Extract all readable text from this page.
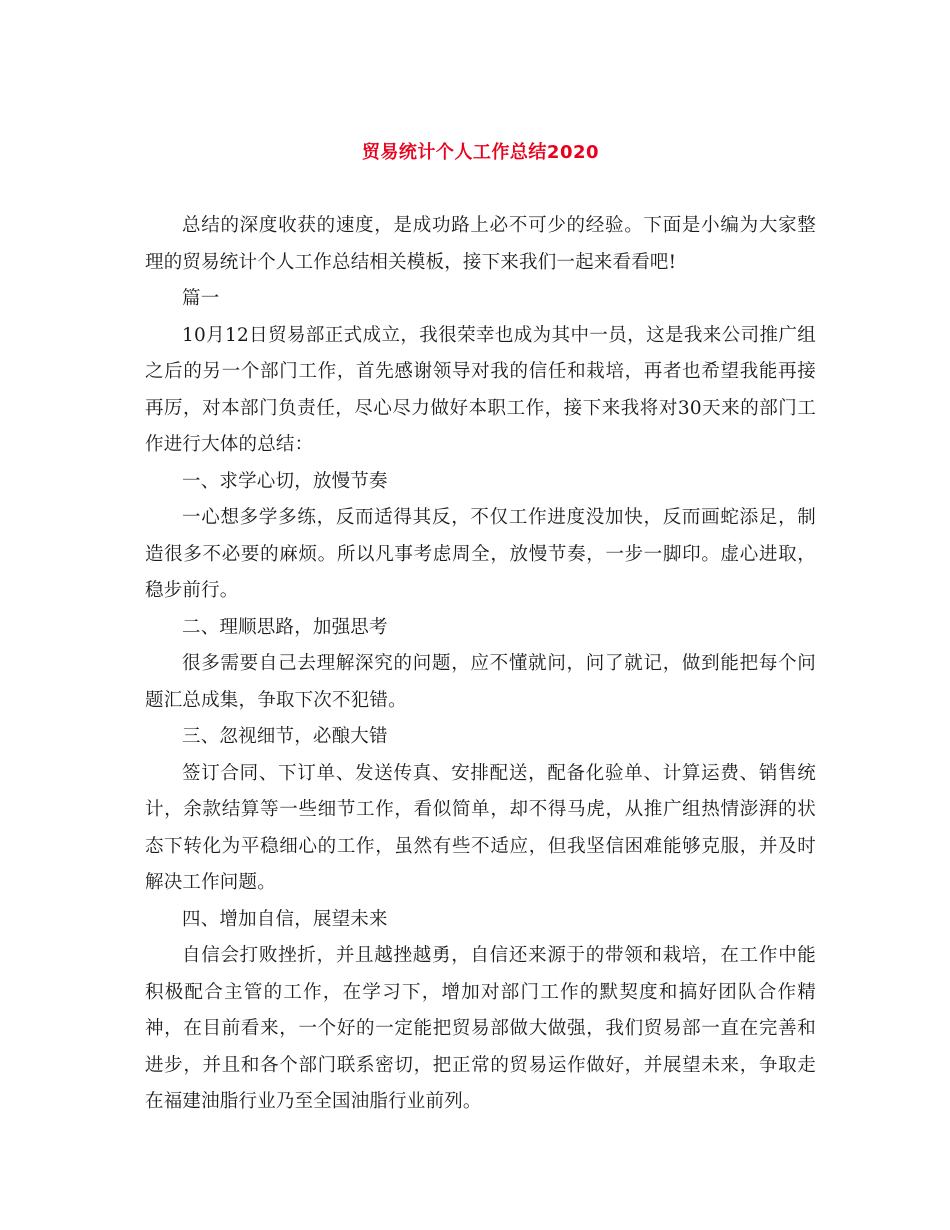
贸易统计个人工作总结2020

总结的深度收获的速度，是成功路上必不可少的经验。下面是小编为大家整理的贸易统计个人工作总结相关模板，接下来我们一起来看看吧!

篇一

10月12日贸易部正式成立，我很荣幸也成为其中一员，这是我来公司推广组之后的另一个部门工作，首先感谢领导对我的信任和栽培，再者也希望我能再接再厉，对本部门负责任，尽心尽力做好本职工作，接下来我将对30天来的部门工作进行大体的总结：

一、求学心切，放慢节奏

一心想多学多练，反而适得其反，不仅工作进度没加快，反而画蛇添足，制造很多不必要的麻烦。所以凡事考虑周全，放慢节奏，一步一脚印。虚心进取，稳步前行。

二、理顺思路，加强思考

很多需要自己去理解深究的问题，应不懂就问，问了就记，做到能把每个问题汇总成集，争取下次不犯错。

三、忽视细节，必酿大错

签订合同、下订单、发送传真、安排配送，配备化验单、计算运费、销售统计，余款结算等一些细节工作，看似简单，却不得马虎，从推广组热情澎湃的状态下转化为平稳细心的工作，虽然有些不适应，但我坚信困难能够克服，并及时解决工作问题。

四、增加自信，展望未来

自信会打败挫折，并且越挫越勇，自信还来源于的带领和栽培，在工作中能积极配合主管的工作，在学习下，增加对部门工作的默契度和搞好团队合作精神，在目前看来，一个好的一定能把贸易部做大做强，我们贸易部一直在完善和进步，并且和各个部门联系密切，把正常的贸易运作做好，并展望未来，争取走在福建油脂行业乃至全国油脂行业前列。
